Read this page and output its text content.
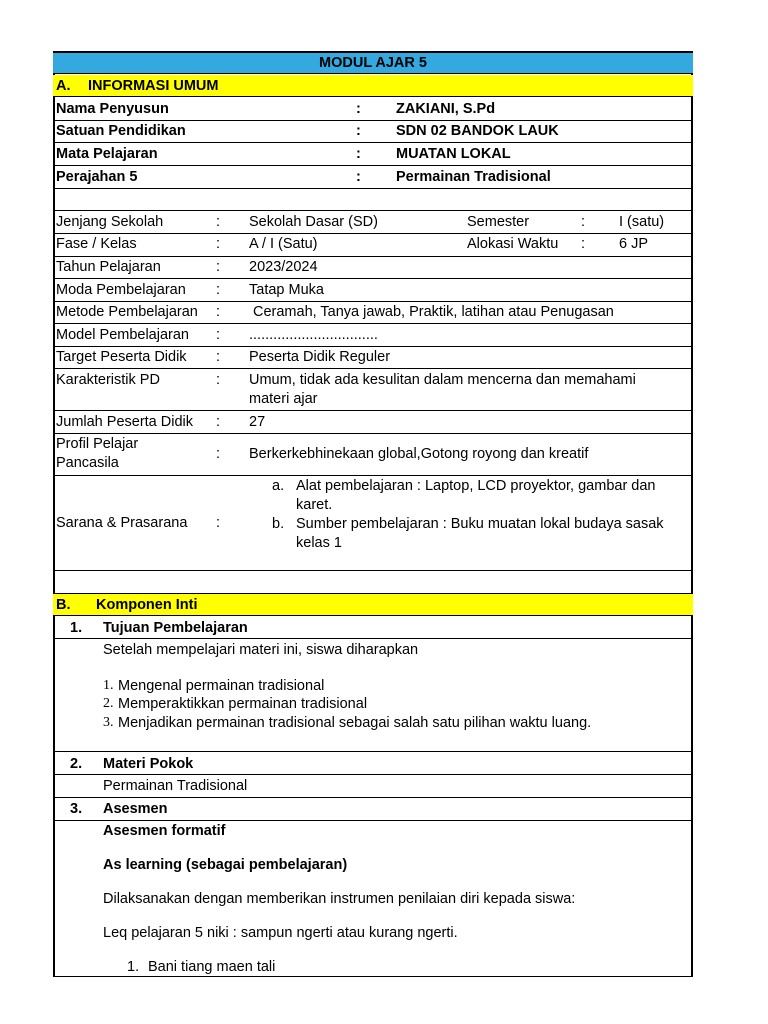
MODUL AJAR 5
A. INFORMASI UMUM
Nama Penyusun	: ZAKIANI, S.Pd
Satuan Pendidikan	: SDN 02 BANDOK LAUK
Mata Pelajaran	: MUATAN LOKAL
Perajahan 5	: Permainan Tradisional
Jenjang Sekolah	: Sekolah Dasar (SD)	Semester	: I (satu)
Fase / Kelas	: A / I (Satu)	Alokasi Waktu : 6 JP
Tahun Pelajaran	: 2023/2024
Moda Pembelajaran : Tatap Muka
Metode Pembelajaran : Ceramah, Tanya jawab, Praktik, latihan atau Penugasan
Model Pembelajaran : ................................
Target Peserta Didik : Peserta Didik Reguler
Karakteristik PD	: Umum, tidak ada kesulitan dalam mencerna dan memahami
materi ajar
Jumlah Peserta Didik : 27
Profil Pelajar
Pancasila
: Berkerkebhinekaan global,Gotong royong dan kreatif
Sarana & Prasarana :
a. Alat pembelajaran : Laptop, LCD proyektor, gambar dan
karet.
b. Sumber pembelajaran : Buku muatan lokal budaya sasak
kelas 1
B. Komponen Inti
1. Tujuan Pembelajaran
Setelah mempelajari materi ini, siswa diharapkan
1. Mengenal permainan tradisional
2. Memperaktikkan permainan tradisional
3. Menjadikan permainan tradisional sebagai salah satu pilihan waktu luang.
2. Materi Pokok
Permainan Tradisional
3. Asesmen
Asesmen formatif
As learning (sebagai pembelajaran)
Dilaksanakan dengan memberikan instrumen penilaian diri kepada siswa:
Leq pelajaran 5 niki : sampun ngerti atau kurang ngerti.
1. Bani tiang maen tali
